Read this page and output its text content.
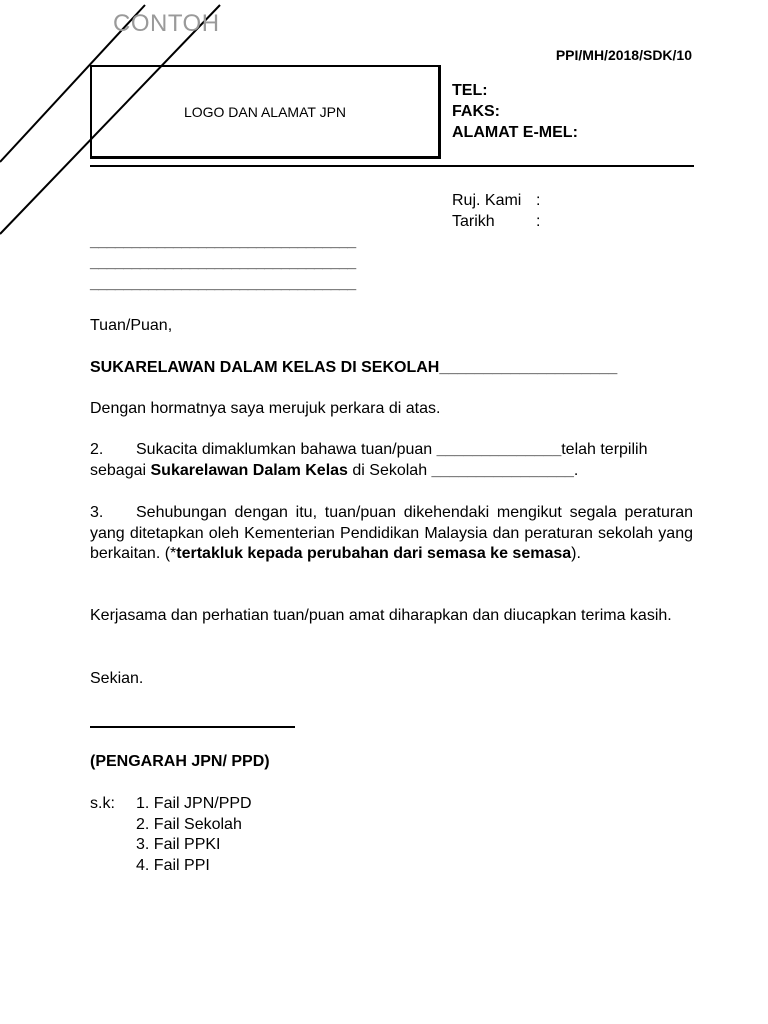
CONTOH
PPI/MH/2018/SDK/10
LOGO DAN ALAMAT JPN
TEL:
FAKS:
ALAMAT E-MEL:
Ruj. Kami :
Tarikh	:
________________________________
________________________________
________________________________
Tuan/Puan,
SUKARELAWAN DALAM KELAS DI SEKOLAH____________________
Dengan hormatnya saya merujuk perkara di atas.
2. Sukacita dimaklumkan bahawa tuan/puan ______________telah terpilih sebagai Sukarelawan Dalam Kelas di Sekolah ________________.
3. Sehubungan dengan itu, tuan/puan dikehendaki mengikut segala peraturan yang ditetapkan oleh Kementerian Pendidikan Malaysia dan peraturan sekolah yang berkaitan. (*tertakluk kepada perubahan dari semasa ke semasa).
Kerjasama dan perhatian tuan/puan amat diharapkan dan diucapkan terima kasih.
Sekian.
(PENGARAH JPN/ PPD)
s.k: 1. Fail JPN/PPD
2. Fail Sekolah
3. Fail PPKI
4. Fail PPI
